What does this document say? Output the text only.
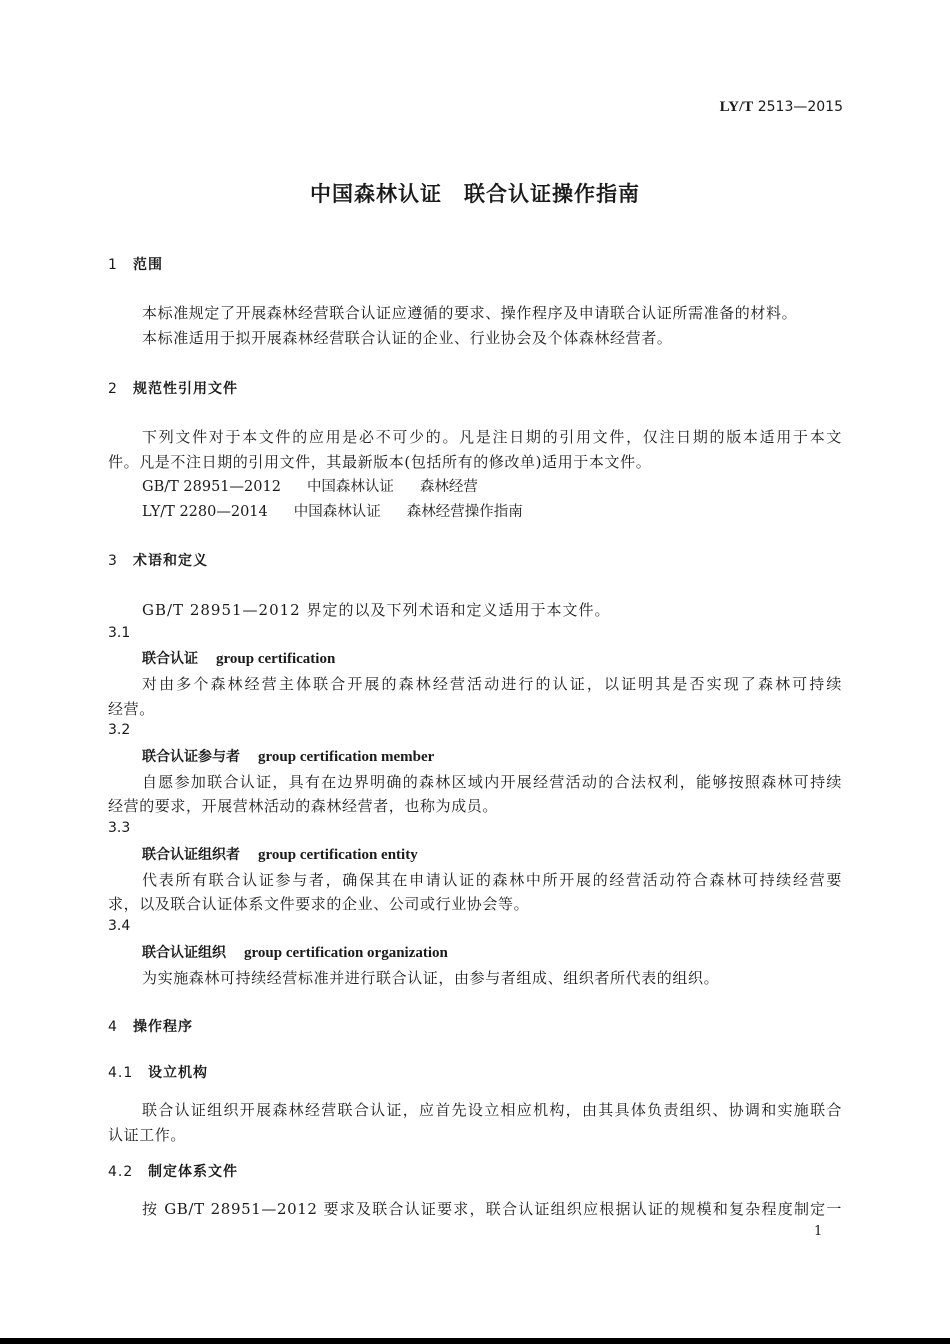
LY/T 2513—2015
中国森林认证　联合认证操作指南
1 范围
本标准规定了开展森林经营联合认证应遵循的要求、操作程序及申请联合认证所需准备的材料。
本标准适用于拟开展森林经营联合认证的企业、行业协会及个体森林经营者。
2 规范性引用文件
下列文件对于本文件的应用是必不可少的。凡是注日期的引用文件，仅注日期的版本适用于本文
件。凡是不注日期的引用文件，其最新版本(包括所有的修改单)适用于本文件。
GB/T 28951—2012 中国森林认证 森林经营
LY/T 2280—2014 中国森林认证 森林经营操作指南
3 术语和定义
GB/T 28951—2012 界定的以及下列术语和定义适用于本文件。
3.1
联合认证 group certification
对由多个森林经营主体联合开展的森林经营活动进行的认证，以证明其是否实现了森林可持续
经营。
3.2
联合认证参与者 group certification member
自愿参加联合认证，具有在边界明确的森林区域内开展经营活动的合法权利，能够按照森林可持续
经营的要求，开展营林活动的森林经营者，也称为成员。
3.3
联合认证组织者 group certification entity
代表所有联合认证参与者，确保其在申请认证的森林中所开展的经营活动符合森林可持续经营要
求，以及联合认证体系文件要求的企业、公司或行业协会等。
3.4
联合认证组织 group certification organization
为实施森林可持续经营标准并进行联合认证，由参与者组成、组织者所代表的组织。
4 操作程序
4.1 设立机构
联合认证组织开展森林经营联合认证，应首先设立相应机构，由其具体负责组织、协调和实施联合
认证工作。
4.2 制定体系文件
按 GB/T 28951—2012 要求及联合认证要求，联合认证组织应根据认证的规模和复杂程度制定一
1
